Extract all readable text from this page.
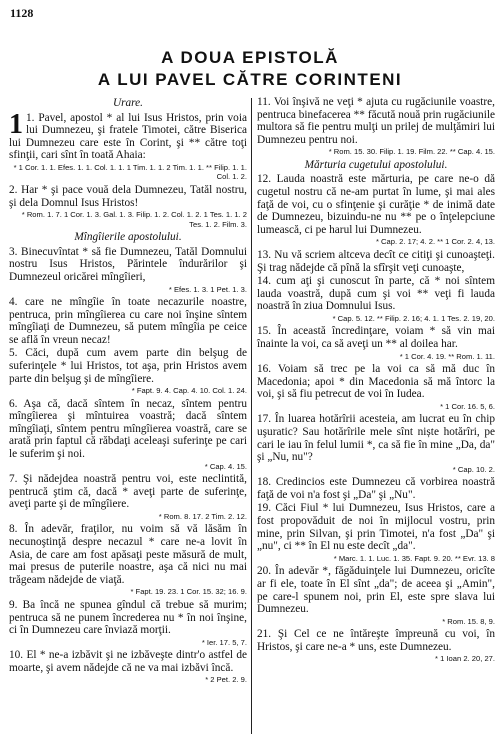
1128
A DOUA EPISTOLĂ
A LUI PAVEL CĂTRE CORINTENI
Urare.
1 1. Pavel, apostol * al lui Isus Hristos, prin voia lui Dumnezeu, şi fratele Timotei, către Biserica lui Dumnezeu care este în Corint, şi ** către toţi sfinţii, cari sînt în toată Ahaia:
* 1 Cor. 1. 1. Efes. 1. 1. Col. 1. 1. 1 Tim. 1. 1. 2 Tim. 1. 1. ** Filip. 1. 1. Col. 1. 2.
2. Har * şi pace vouă dela Dumnezeu, Tatăl nostru, şi dela Domnul Isus Hristos!
* Rom. 1. 7. 1 Cor. 1. 3. Gal. 1. 3. Filip. 1. 2. Col. 1. 2. 1 Tes. 1. 1. 2 Tes. 1. 2. Film. 3.
Mîngîierile apostolului.
3. Binecuvîntat * să fie Dumnezeu, Tatăl Domnului nostru Isus Hristos, Părintele îndurărilor şi Dumnezeul oricărei mîngîieri,
* Efes. 1. 3. 1 Pet. 1. 3.
4. care ne mîngîie în toate necazurile noastre, pentruca, prin mîngîierea cu care noi înşine sîntem mîngîiaţi de Dumnezeu, să putem mîngîia pe ceice se află în vreun necaz!
5. Căci, după cum avem parte din belşug de suferinţele * lui Hristos, tot aşa, prin Hristos avem parte din belşug şi de mîngîiere.
* Fapt. 9. 4. Cap. 4. 10. Col. 1. 24.
6. Aşa că, dacă sîntem în necaz, sîntem pentru mîngîierea şi mîntuirea voastră; dacă sîntem mîngîiaţi, sîntem pentru mîngîierea voastră, care se arată prin faptul că răbdaţi aceleaşi suferinţe pe cari le suferim şi noi.
* Cap. 4. 15.
7. Şi nădejdea noastră pentru voi, este neclintită, pentrucă ştim că, dacă * aveţi parte de suferinţe, aveţi parte şi de mîngîiere.
* Rom. 8. 17. 2 Tim. 2. 12.
8. În adevăr, fraţilor, nu voim să vă lăsăm în necunoştinţă despre necazul * care ne-a lovit în Asia, de care am fost apăsaţi peste măsură de mult, mai presus de puterile noastre, aşa că nici nu mai trăgeam nădejde de viaţă.
* Fapt. 19. 23. 1 Cor. 15. 32; 16. 9.
9. Ba încă ne spunea gîndul că trebue să murim; pentruca să ne punem încrederea nu * în noi înşine, ci în Dumnezeu care înviază morţii.
* Ier. 17. 5, 7.
10. El * ne-a izbăvit şi ne izbăveşte dintr'o astfel de moarte, şi avem nădejde că ne va mai izbăvi încă.
* 2 Pet. 2. 9.
11. Voi înşivă ne veţi * ajuta cu rugăciunile voastre, pentruca binefacerea ** făcută nouă prin rugăciunile multora să fie pentru mulţi un prilej de mulţămiri lui Dumnezeu pentru noi.
* Rom. 15. 30. Filip. 1. 19. Film. 22. ** Cap. 4. 15.
Mărturia cugetului apostolului.
12. Lauda noastră este mărturia, pe care ne-o dă cugetul nostru că ne-am purtat în lume, şi mai ales faţă de voi, cu o sfinţenie şi curăţie * de inimă date de Dumnezeu, bizuindu-ne nu ** pe o înţelepciune lumească, ci pe harul lui Dumnezeu.
* Cap. 2. 17; 4. 2. ** 1 Cor. 2. 4, 13.
13. Nu vă scriem altceva decît ce citiţi şi cunoaşteţi. Şi trag nădejde că pînă la sfîrşit veţi cunoaşte,
14. cum aţi şi cunoscut în parte, că * noi sîntem lauda voastră, după cum şi voi ** veţi fi lauda noastră în ziua Domnului Isus.
* Cap. 5. 12. ** Filip. 2. 16; 4. 1. 1 Tes. 2. 19, 20.
15. În această încredinţare, voiam * să vin mai înainte la voi, ca să aveţi un ** al doilea har.
* 1 Cor. 4. 19. ** Rom. 1. 11.
16. Voiam să trec pe la voi ca să mă duc în Macedonia; apoi * din Macedonia să mă întorc la voi, şi să fiu petrecut de voi în Iudea.
* 1 Cor. 16. 5, 6.
17. În luarea hotărîrii acesteia, am lucrat eu în chip uşuratic? Sau hotărîrile mele sînt niște hotărîri, pe cari le iau în felul lumii *, ca să fie în mine „Da, da" şi „Nu, nu"?
* Cap. 10. 2.
18. Credincios este Dumnezeu că vorbirea noastră faţă de voi n'a fost şi „Da" şi „Nu".
19. Căci Fiul * lui Dumnezeu, Isus Hristos, care a fost propovăduit de noi în mijlocul vostru, prin mine, prin Silvan, şi prin Timotei, n'a fost „Da" şi „nu", ci ** în El nu este decît „da".
* Marc. 1. 1. Luc. 1. 35. Fapt. 9. 20. ** Evr. 13. 8
20. În adevăr *, făgăduinţele lui Dumnezeu, oricîte ar fi ele, toate în El sînt „da"; de aceea şi „Amin", pe care-l spunem noi, prin El, este spre slava lui Dumnezeu.
* Rom. 15. 8, 9.
21. Şi Cel ce ne întăreşte împreună cu voi, în Hristos, şi care ne-a * uns, este Dumnezeu.
* 1 Ioan 2. 20, 27.
